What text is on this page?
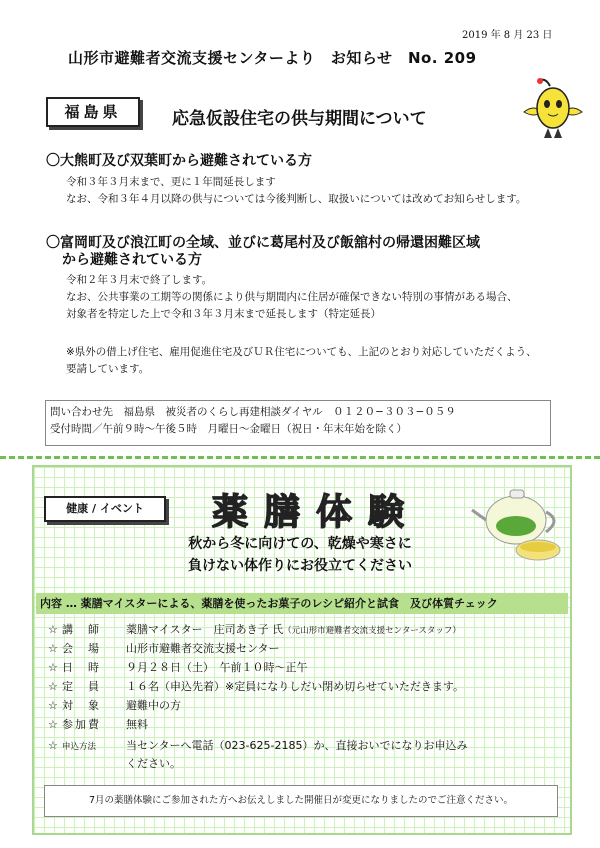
2019 年 8 月 23 日
山形市避難者交流支援センターより　お知らせ　No. 209
福島県	応急仮設住宅の供与期間について
〇大熊町及び双葉町から避難されている方
令和３年３月末まで、更に１年間延長します
なお、令和３年４月以降の供与については今後判断し、取扱いについては改めてお知らせします。
〇富岡町及び浪江町の全域、並びに葛尾村及び飯舘村の帰還困難区域
から避難されている方
令和２年３月末で終了します。
なお、公共事業の工期等の関係により供与期間内に住居が確保できない特別の事情がある場合、
対象者を特定した上で令和３年３月末まで延長します（特定延長）
※県外の借上げ住宅、雇用促進住宅及びＵＲ住宅についても、上記のとおり対応していただくよう、
要請しています。
問い合わせ先　福島県　被災者のくらし再建相談ダイヤル　０１２０−３０３−０５９
受付時間／午前９時〜午後５時　月曜日〜金曜日（祝日・年末年始を除く）
健康 / イベント	薬膳体験
秋から冬に向けての、乾燥や寒さに
負けない体作りにお役立てください
内容 … 薬膳マイスターによる、薬膳を使ったお菓子のレシピ紹介と試食　及び体質チェック
☆ 講　師 薬膳マイスター　庄司あき子 氏（元山形市避難者交流支援センタースタッフ）
☆ 会　場 山形市避難者交流支援センター
☆ 日　時 ９月２８日（土）　午前１０時〜正午
☆ 定　員 １６名（申込先着）※定員になりしだい閉め切らせていただきます。
☆ 対　象 避難中の方
☆ 参加費 無料
☆ 申込方法	当センターへ電話（023-625-2185）か、直接おいでになりお申込み
ください。
7月の薬膳体験にご参加された方へお伝えしました開催日が変更になりましたのでご注意ください。
